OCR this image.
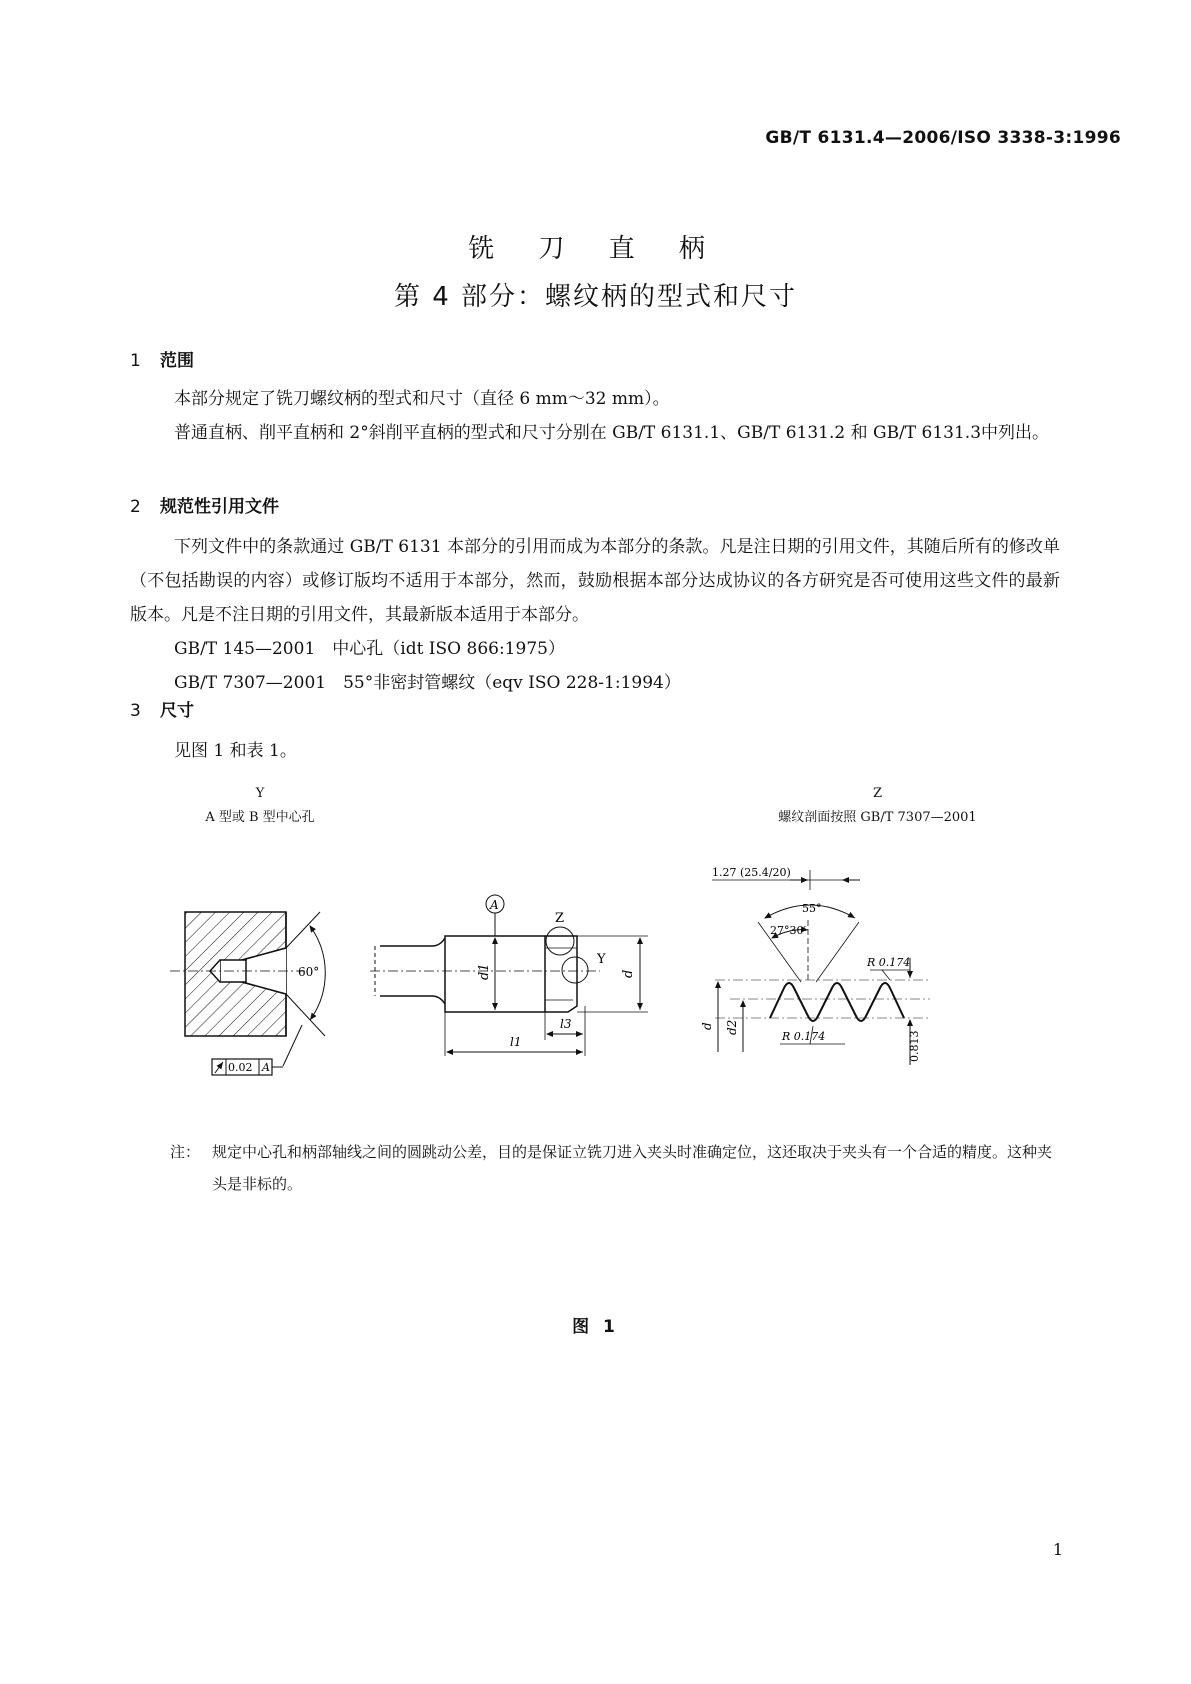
GB/T 6131.4—2006/ISO 3338-3:1996
铣 刀 直 柄
第 4 部分：螺纹柄的型式和尺寸
1 范围

本部分规定了铣刀螺纹柄的型式和尺寸（直径 6 mm～32 mm）。

普通直柄、削平直柄和 2°斜削平直柄的型式和尺寸分别在 GB/T 6131.1、GB/T 6131.2 和 GB/T 6131.3中列出。

2 规范性引用文件

下列文件中的条款通过 GB/T 6131 本部分的引用而成为本部分的条款。凡是注日期的引用文件，其随后所有的修改单（不包括勘误的内容）或修订版均不适用于本部分，然而，鼓励根据本部分达成协议的各方研究是否可使用这些文件的最新版本。凡是不注日期的引用文件，其最新版本适用于本部分。

GB/T 145—2001　中心孔（idt ISO 866:1975）

GB/T 7307—2001　55°非密封管螺纹（eqv ISO 228-1:1994）

3 尺寸

见图 1 和表 1。

Y
A 型或 B 型中心孔
Z
螺纹剖面按照 GB/T 7307—2001
60°
0.02 A
Z
Y
A
d1	d
l3
l1
1.27 (25.4/20)
55°
27°30′
R 0.174
R 0.174
d d2
0.813
注： 规定中心孔和柄部轴线之间的圆跳动公差，目的是保证立铣刀进入夹头时准确定位，这还取决于夹头有一个合适的精度。这种夹头是非标的。
图 1
1
